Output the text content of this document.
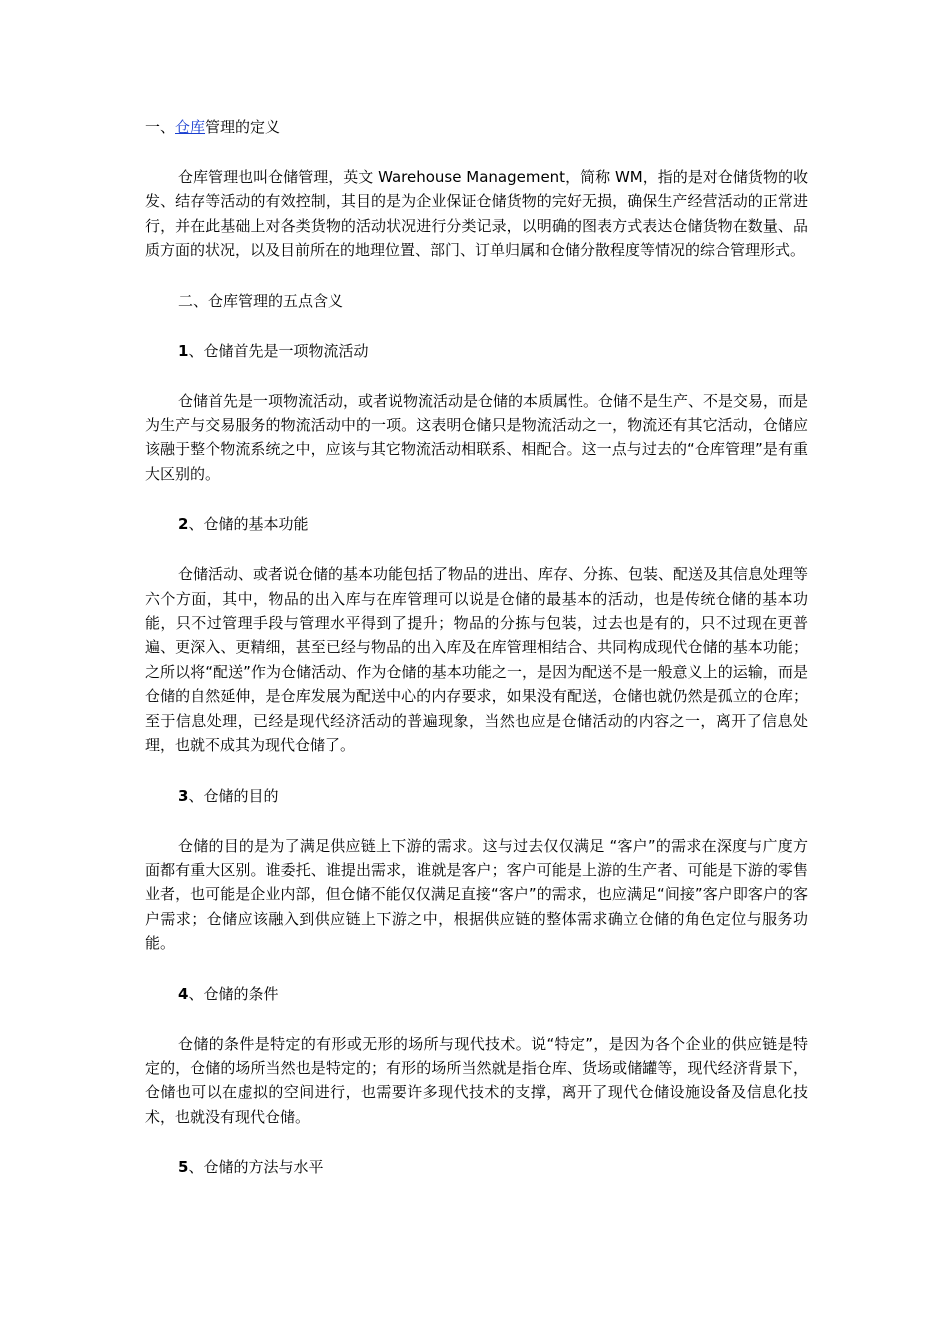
一、仓库管理的定义

仓库管理也叫仓储管理，英文 Warehouse Management，简称 WM，指的是对仓储货物的收发、结存等活动的有效控制，其目的是为企业保证仓储货物的完好无损，确保生产经营活动的正常进行，并在此基础上对各类货物的活动状况进行分类记录，以明确的图表方式表达仓储货物在数量、品质方面的状况，以及目前所在的地理位置、部门、订单归属和仓储分散程度等情况的综合管理形式。

二、仓库管理的五点含义
1、仓储首先是一项物流活动

仓储首先是一项物流活动，或者说物流活动是仓储的本质属性。仓储不是生产、不是交易，而是为生产与交易服务的物流活动中的一项。这表明仓储只是物流活动之一，物流还有其它活动，仓储应该融于整个物流系统之中，应该与其它物流活动相联系、相配合。这一点与过去的“仓库管理”是有重大区别的。

2、仓储的基本功能

仓储活动、或者说仓储的基本功能包括了物品的进出、库存、分拣、包装、配送及其信息处理等六个方面，其中，物品的出入库与在库管理可以说是仓储的最基本的活动，也是传统仓储的基本功能，只不过管理手段与管理水平得到了提升；物品的分拣与包装，过去也是有的，只不过现在更普遍、更深入、更精细，甚至已经与物品的出入库及在库管理相结合、共同构成现代仓储的基本功能；之所以将“配送”作为仓储活动、作为仓储的基本功能之一，是因为配送不是一般意义上的运输，而是仓储的自然延伸，是仓库发展为配送中心的内存要求，如果没有配送，仓储也就仍然是孤立的仓库；至于信息处理，已经是现代经济活动的普遍现象，当然也应是仓储活动的内容之一，离开了信息处理，也就不成其为现代仓储了。

3、仓储的目的

仓储的目的是为了满足供应链上下游的需求。这与过去仅仅满足 “客户”的需求在深度与广度方面都有重大区别。谁委托、谁提出需求，谁就是客户；客户可能是上游的生产者、可能是下游的零售业者，也可能是企业内部，但仓储不能仅仅满足直接“客户”的需求，也应满足“间接”客户即客户的客户需求；仓储应该融入到供应链上下游之中，根据供应链的整体需求确立仓储的角色定位与服务功能。

4、仓储的条件

仓储的条件是特定的有形或无形的场所与现代技术。说“特定”，是因为各个企业的供应链是特定的，仓储的场所当然也是特定的；有形的场所当然就是指仓库、货场或储罐等，现代经济背景下，仓储也可以在虚拟的空间进行，也需要许多现代技术的支撑，离开了现代仓储设施设备及信息化技术，也就没有现代仓储。

5、仓储的方法与水平
